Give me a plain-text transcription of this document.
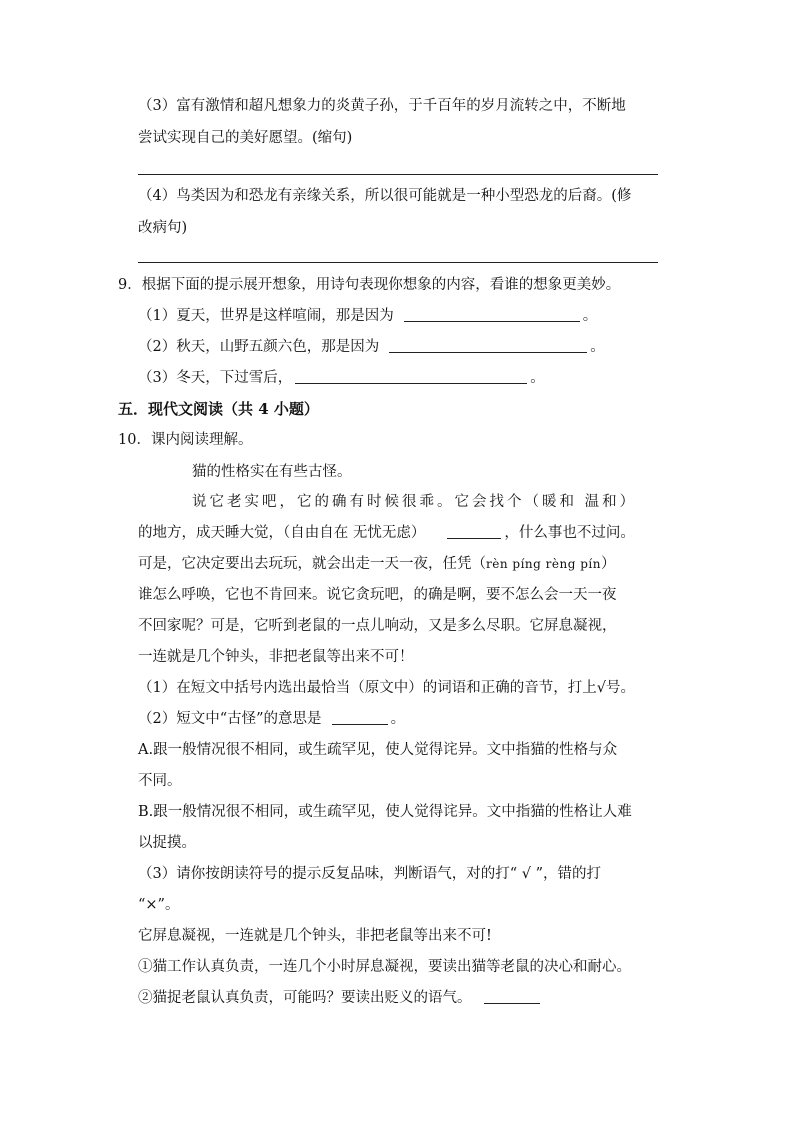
（3）富有激情和超凡想象力的炎黄子孙，于千百年的岁月流转之中，不断地
尝试实现自己的美好愿望。(缩句)
（4）鸟类因为和恐龙有亲缘关系，所以很可能就是一种小型恐龙的后裔。(修
改病句)
9．根据下面的提示展开想象，用诗句表现你想象的内容，看谁的想象更美妙。
（1）夏天，世界是这样喧闹，那是因为	。
（2）秋天，山野五颜六色，那是因为	。
（3）冬天，下过雪后，	。
五．现代文阅读（共 4 小题）
10．课内阅读理解。
猫的性格实在有些古怪。
说它老实吧，它的确有时候很乖。它会找个（暖和 温和）
的地方，成天睡大觉，（自由自在 无忧无虑）	，什么事也不过问。
可是，它决定要出去玩玩，就会出走一天一夜，任凭（rèn píng rèng pín）
谁怎么呼唤，它也不肯回来。说它贪玩吧，的确是啊，要不怎么会一天一夜
不回家呢？可是，它听到老鼠的一点儿响动，又是多么尽职。它屏息凝视，
一连就是几个钟头，非把老鼠等出来不可！
（1）在短文中括号内选出最恰当（原文中）的词语和正确的音节，打上√号。
（2）短文中“古怪”的意思是	。
A.跟一般情况很不相同，或生疏罕见，使人觉得诧异。文中指猫的性格与众
不同。
B.跟一般情况很不相同，或生疏罕见，使人觉得诧异。文中指猫的性格让人难
以捉摸。
（3）请你按朗读符号的提示反复品味，判断语气，对的打“ √ ”，错的打
“×”。
它屏息凝视，一连就是几个钟头，非把老鼠等出来不可!
①猫工作认真负责，一连几个小时屏息凝视，要读出猫等老鼠的决心和耐心。
②猫捉老鼠认真负责，可能吗？要读出贬义的语气。
